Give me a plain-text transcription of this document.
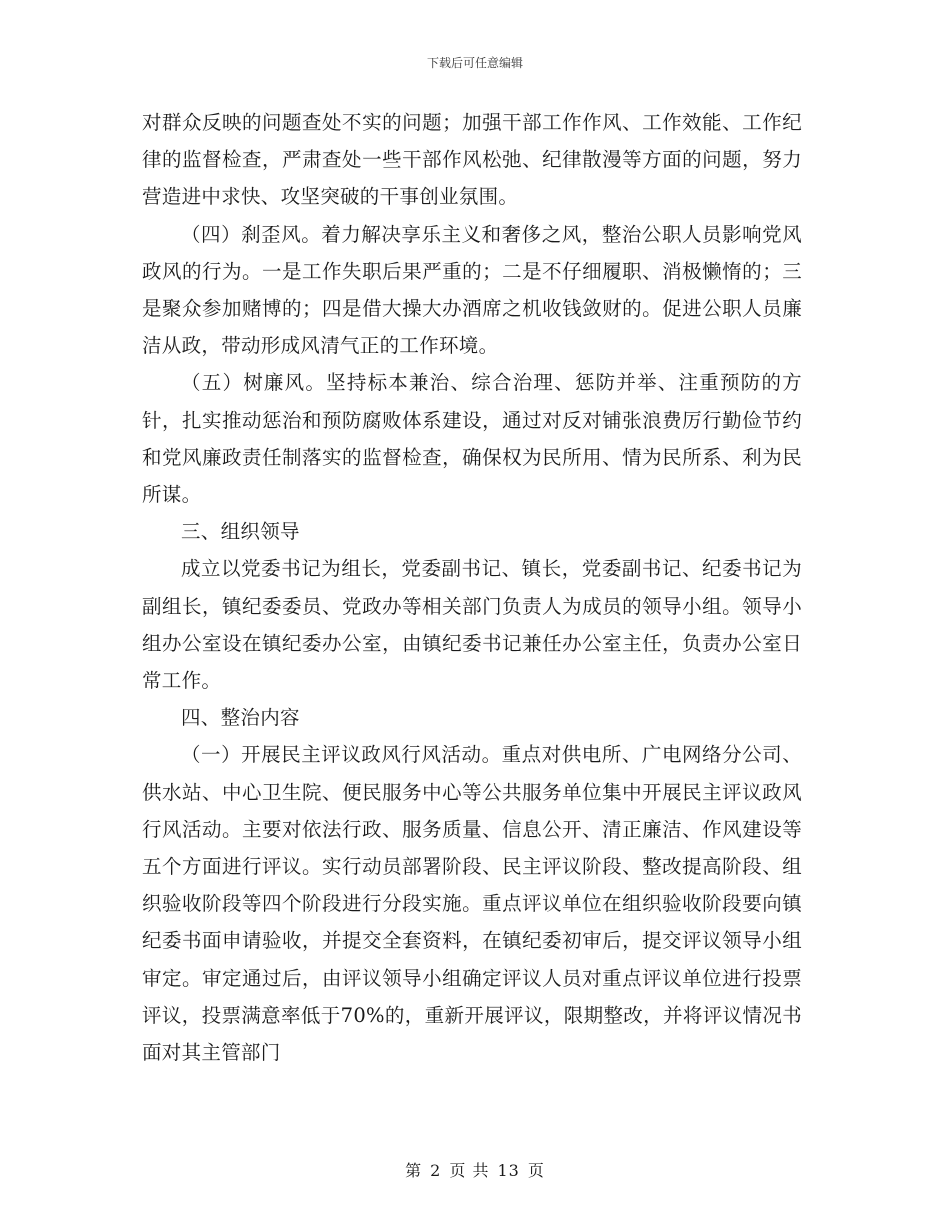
下载后可任意编辑

对群众反映的问题查处不实的问题；加强干部工作作风、工作效能、工作纪律的监督检查，严肃查处一些干部作风松弛、纪律散漫等方面的问题，努力营造进中求快、攻坚突破的干事创业氛围。

（四）刹歪风。着力解决享乐主义和奢侈之风，整治公职人员影响党风政风的行为。一是工作失职后果严重的；二是不仔细履职、消极懒惰的；三是聚众参加赌博的；四是借大操大办酒席之机收钱敛财的。促进公职人员廉洁从政，带动形成风清气正的工作环境。

（五）树廉风。坚持标本兼治、综合治理、惩防并举、注重预防的方针，扎实推动惩治和预防腐败体系建设，通过对反对铺张浪费厉行勤俭节约和党风廉政责任制落实的监督检查，确保权为民所用、情为民所系、利为民所谋。

三、组织领导

成立以党委书记为组长，党委副书记、镇长，党委副书记、纪委书记为副组长，镇纪委委员、党政办等相关部门负责人为成员的领导小组。领导小组办公室设在镇纪委办公室，由镇纪委书记兼任办公室主任，负责办公室日常工作。

四、整治内容

（一）开展民主评议政风行风活动。重点对供电所、广电网络分公司、供水站、中心卫生院、便民服务中心等公共服务单位集中开展民主评议政风行风活动。主要对依法行政、服务质量、信息公开、清正廉洁、作风建设等五个方面进行评议。实行动员部署阶段、民主评议阶段、整改提高阶段、组织验收阶段等四个阶段进行分段实施。重点评议单位在组织验收阶段要向镇纪委书面申请验收，并提交全套资料，在镇纪委初审后，提交评议领导小组审定。审定通过后，由评议领导小组确定评议人员对重点评议单位进行投票评议，投票满意率低于70%的，重新开展评议，限期整改，并将评议情况书面对其主管部门

第 2 页 共 13 页
